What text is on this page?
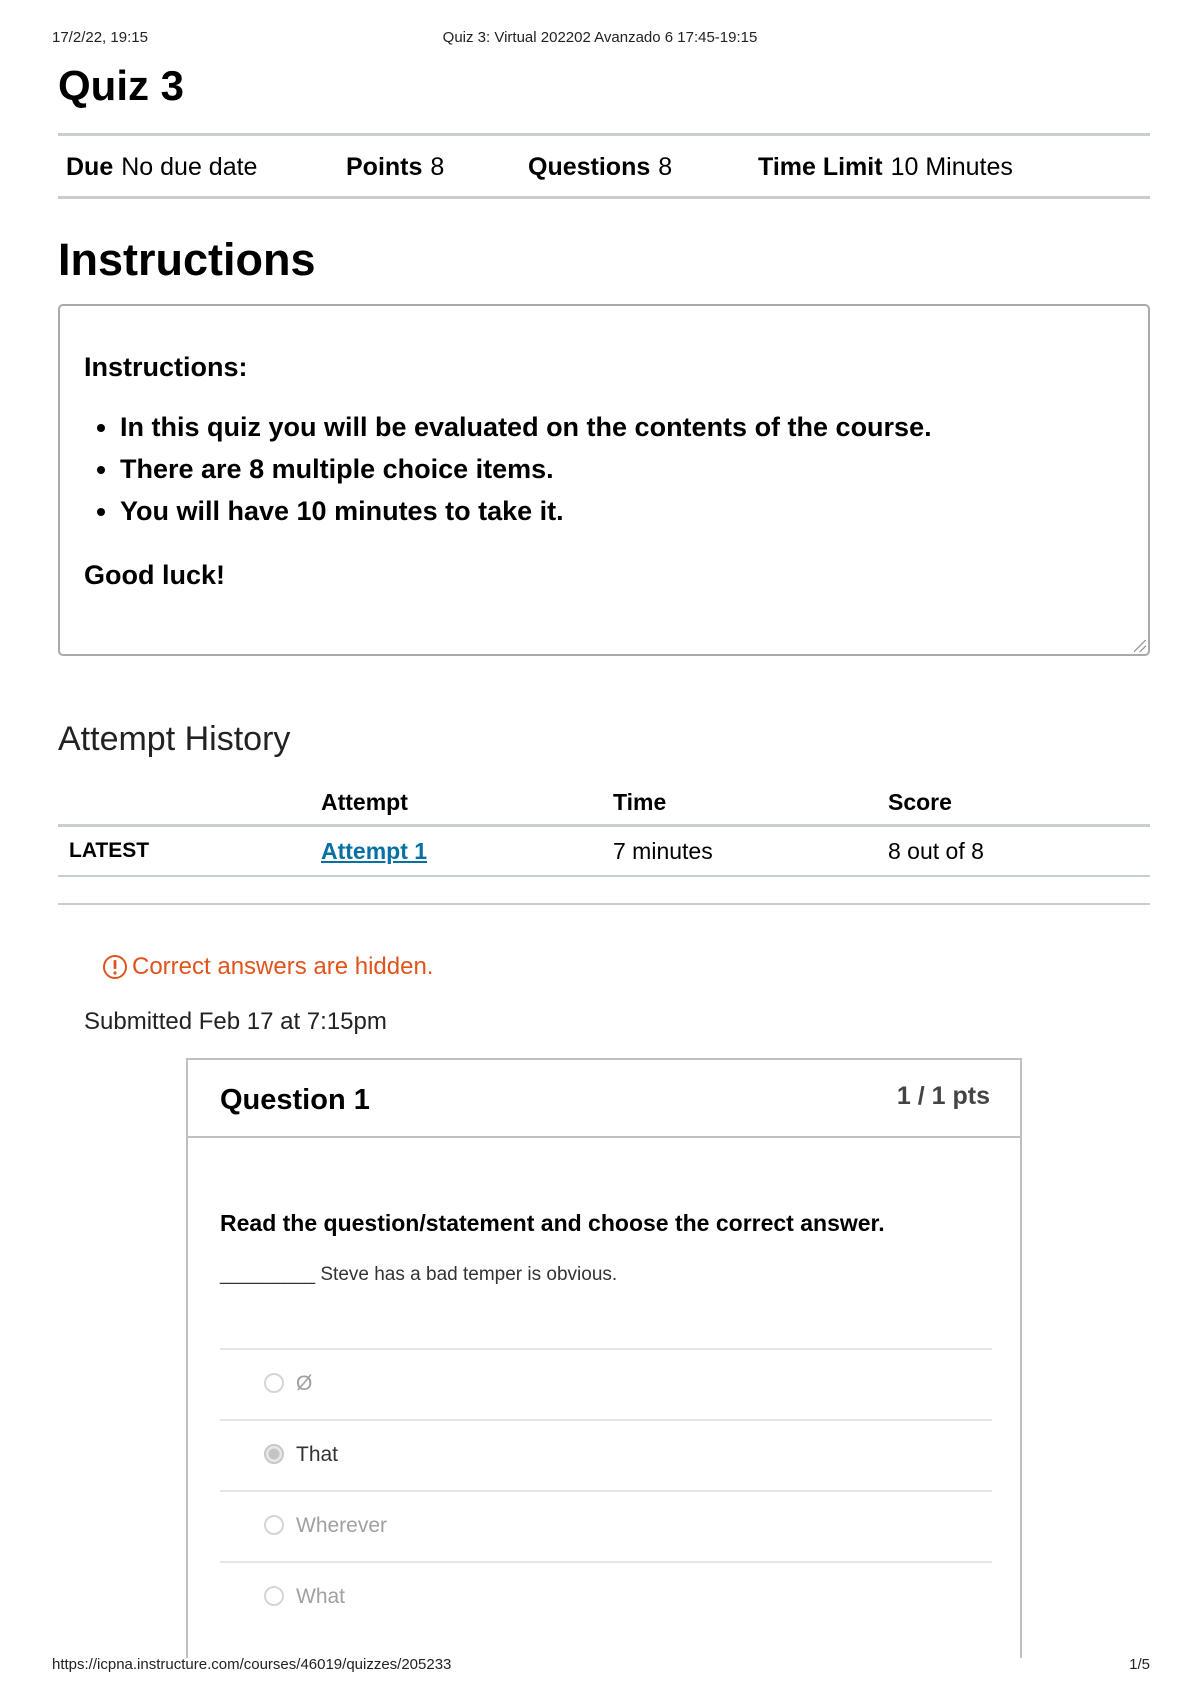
17/2/22, 19:15	Quiz 3: Virtual 202202 Avanzado 6 17:45-19:15
Quiz 3
Due No due date	Points 8	Questions 8	Time Limit 10 Minutes
Instructions
Instructions:
• In this quiz you will be evaluated on the contents of the course.
• There are 8 multiple choice items.
• You will have 10 minutes to take it.
Good luck!
Attempt History
	Attempt	Time	Score
LATEST	Attempt 1	7 minutes	8 out of 8
Correct answers are hidden.
Submitted Feb 17 at 7:15pm
Question 1	1 / 1 pts
Read the question/statement and choose the correct answer.
_________ Steve has a bad temper is obvious.
Ø
That
Wherever
What
https://icpna.instructure.com/courses/46019/quizzes/205233	1/5
